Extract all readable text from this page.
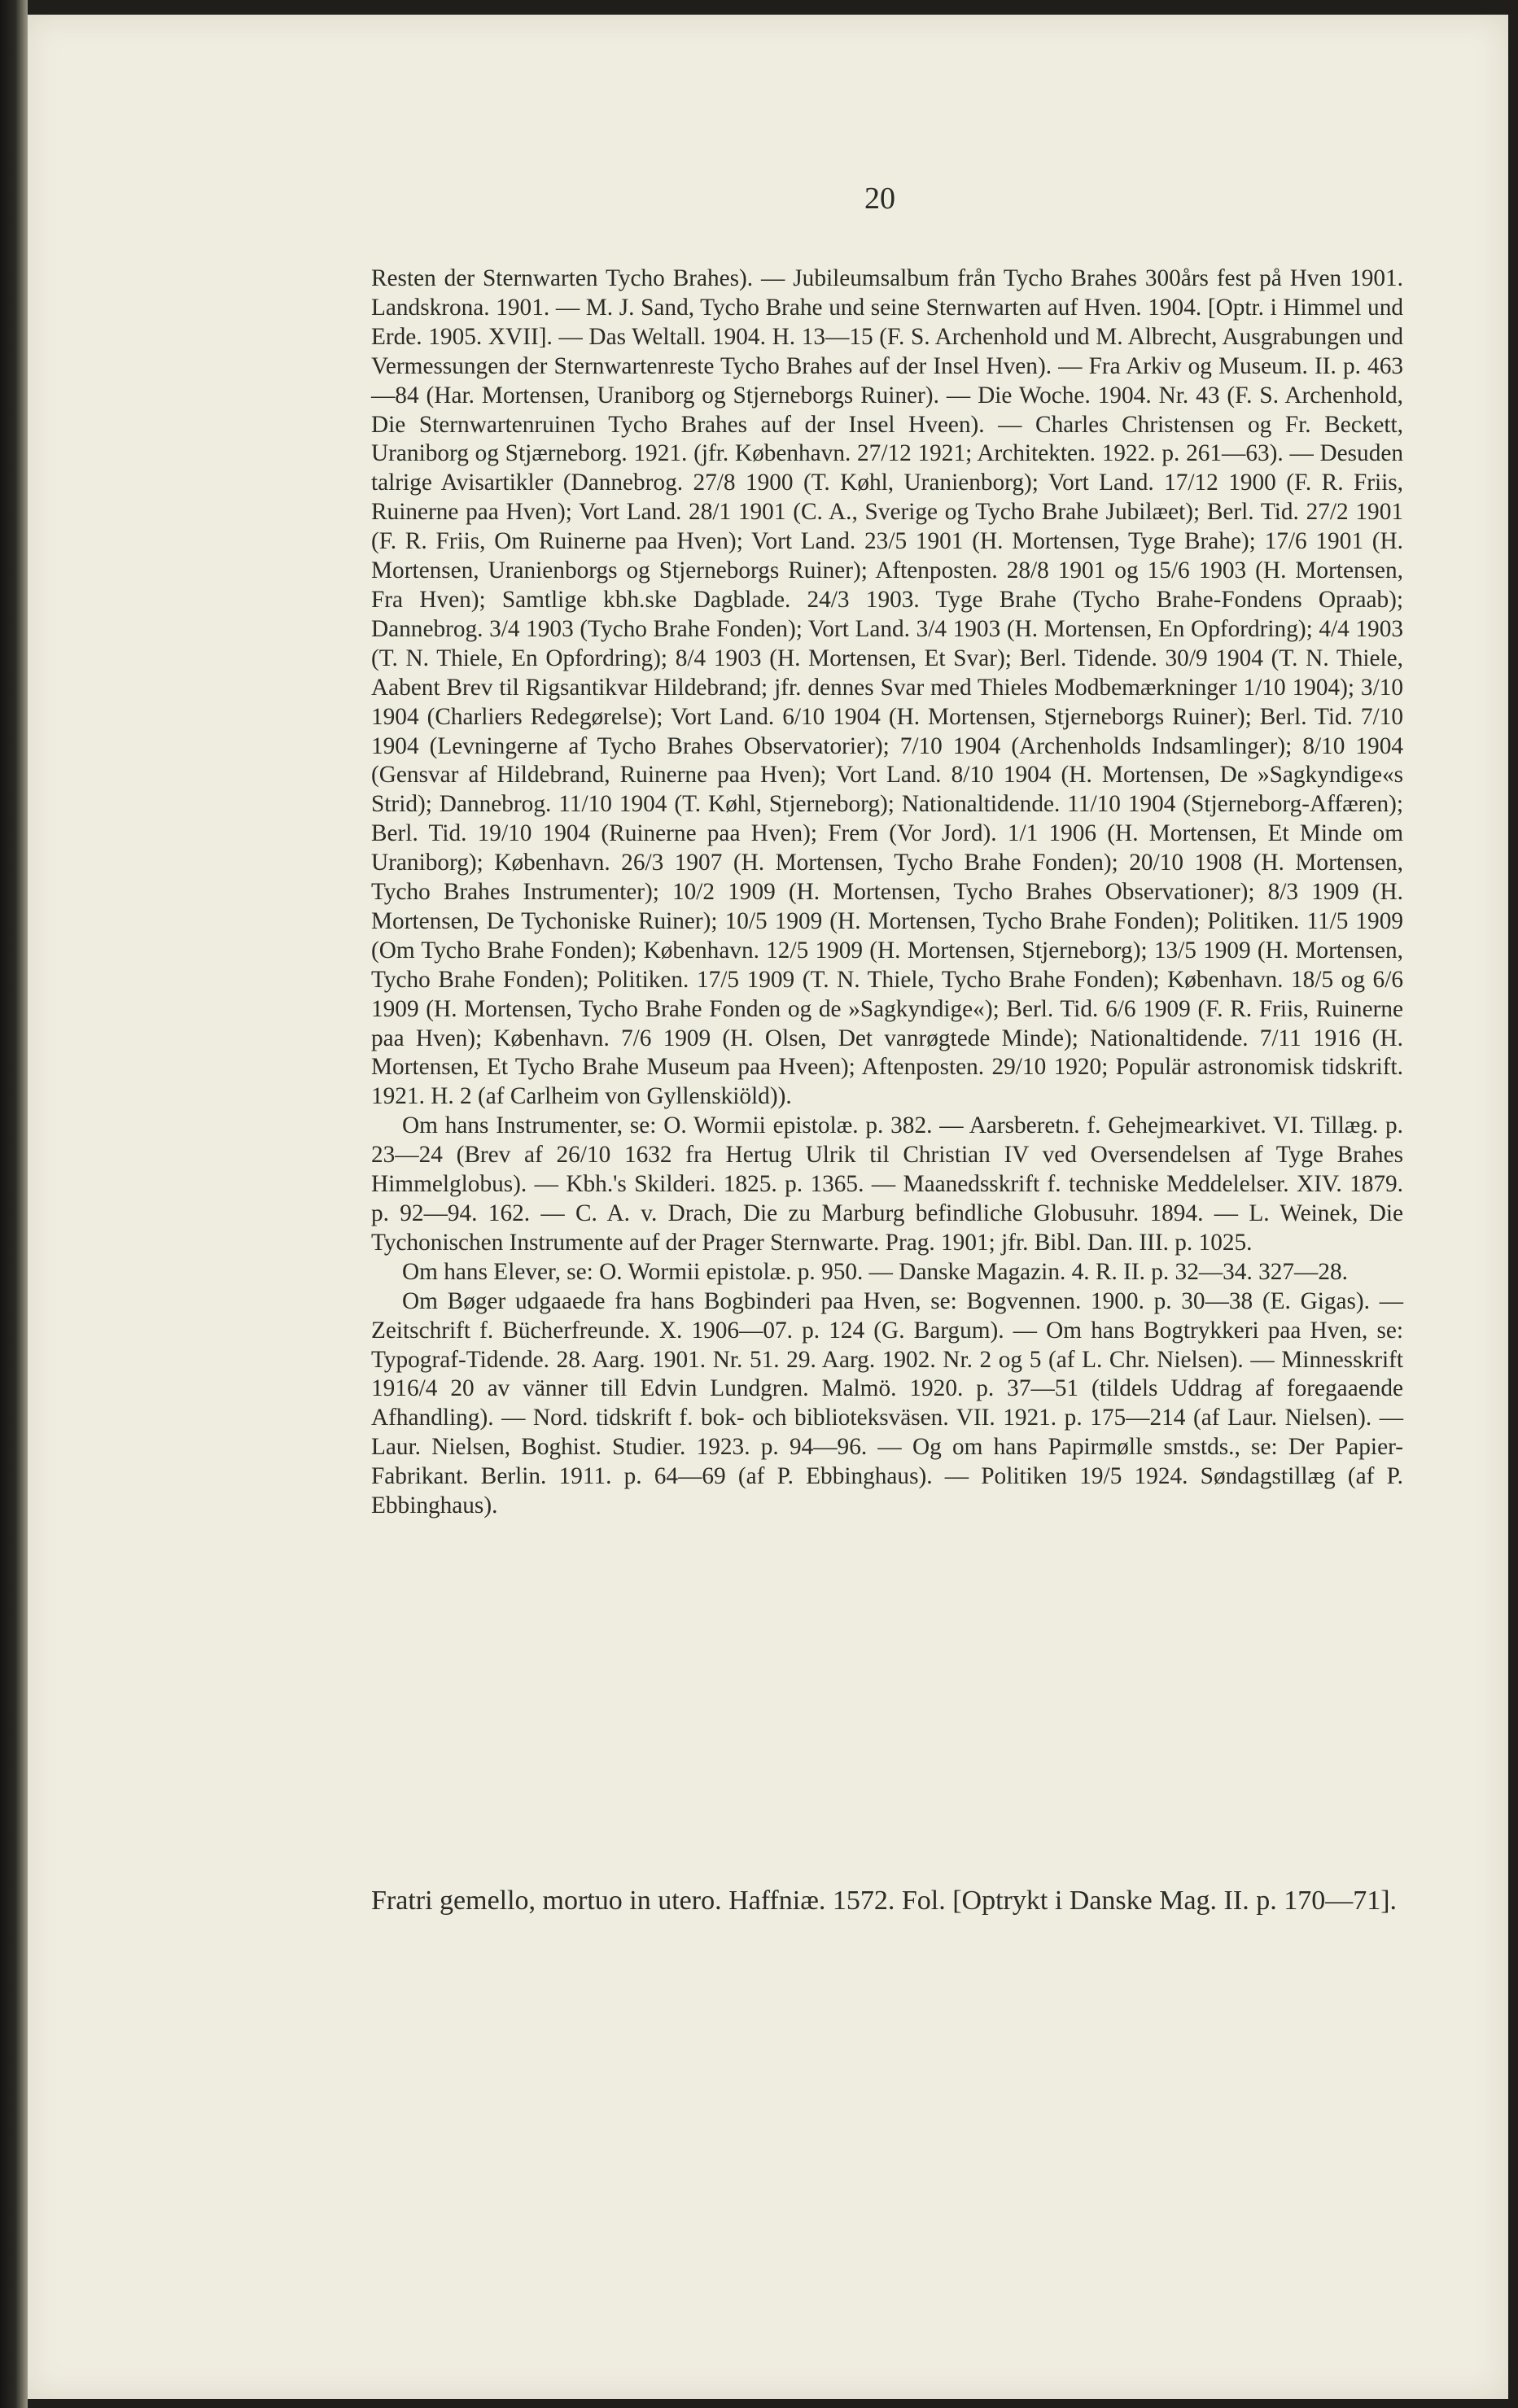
20

Resten der Sternwarten Tycho Brahes). — Jubileumsalbum från Tycho Brahes 300års fest på Hven 1901. Landskrona. 1901. — M. J. Sand, Tycho Brahe und seine Sternwarten auf Hven. 1904. [Optr. i Himmel und Erde. 1905. XVII]. — Das Weltall. 1904. H. 13—15 (F. S. Archenhold und M. Albrecht, Ausgrabungen und Vermessungen der Sternwartenreste Tycho Brahes auf der Insel Hven). — Fra Arkiv og Museum. II. p. 463—84 (Har. Mortensen, Uraniborg og Stjerneborgs Ruiner). — Die Woche. 1904. Nr. 43 (F. S. Archenhold, Die Sternwartenruinen Tycho Brahes auf der Insel Hveen). — Charles Christensen og Fr. Beckett, Uraniborg og Stjærneborg. 1921. (jfr. København. 27/12 1921; Architekten. 1922. p. 261—63). — Desuden talrige Avisartikler (Dannebrog. 27/8 1900 (T. Køhl, Uranienborg); Vort Land. 17/12 1900 (F. R. Friis, Ruinerne paa Hven); Vort Land. 28/1 1901 (C. A., Sverige og Tycho Brahe Jubilæet); Berl. Tid. 27/2 1901 (F. R. Friis, Om Ruinerne paa Hven); Vort Land. 23/5 1901 (H. Mortensen, Tyge Brahe); 17/6 1901 (H. Mortensen, Uranienborgs og Stjerneborgs Ruiner); Aftenposten. 28/8 1901 og 15/6 1903 (H. Mortensen, Fra Hven); Samtlige kbh.ske Dagblade. 24/3 1903. Tyge Brahe (Tycho Brahe-Fondens Opraab); Dannebrog. 3/4 1903 (Tycho Brahe Fonden); Vort Land. 3/4 1903 (H. Mortensen, En Opfordring); 4/4 1903 (T. N. Thiele, En Opfordring); 8/4 1903 (H. Mortensen, Et Svar); Berl. Tidende. 30/9 1904 (T. N. Thiele, Aabent Brev til Rigsantikvar Hildebrand; jfr. dennes Svar med Thieles Modbemærkninger 1/10 1904); 3/10 1904 (Charliers Redegørelse); Vort Land. 6/10 1904 (H. Mortensen, Stjerneborgs Ruiner); Berl. Tid. 7/10 1904 (Levningerne af Tycho Brahes Observatorier); 7/10 1904 (Archenholds Indsamlinger); 8/10 1904 (Gensvar af Hildebrand, Ruinerne paa Hven); Vort Land. 8/10 1904 (H. Mortensen, De »Sagkyndige«s Strid); Dannebrog. 11/10 1904 (T. Køhl, Stjerneborg); Nationaltidende. 11/10 1904 (Stjerneborg-Affæren); Berl. Tid. 19/10 1904 (Ruinerne paa Hven); Frem (Vor Jord). 1/1 1906 (H. Mortensen, Et Minde om Uraniborg); København. 26/3 1907 (H. Mortensen, Tycho Brahe Fonden); 20/10 1908 (H. Mortensen, Tycho Brahes Instrumenter); 10/2 1909 (H. Mortensen, Tycho Brahes Observationer); 8/3 1909 (H. Mortensen, De Tychoniske Ruiner); 10/5 1909 (H. Mortensen, Tycho Brahe Fonden); Politiken. 11/5 1909 (Om Tycho Brahe Fonden); København. 12/5 1909 (H. Mortensen, Stjerneborg); 13/5 1909 (H. Mortensen, Tycho Brahe Fonden); Politiken. 17/5 1909 (T. N. Thiele, Tycho Brahe Fonden); København. 18/5 og 6/6 1909 (H. Mortensen, Tycho Brahe Fonden og de »Sagkyndige«); Berl. Tid. 6/6 1909 (F. R. Friis, Ruinerne paa Hven); København. 7/6 1909 (H. Olsen, Det vanrøgtede Minde); Nationaltidende. 7/11 1916 (H. Mortensen, Et Tycho Brahe Museum paa Hveen); Aftenposten. 29/10 1920; Populär astronomisk tidskrift. 1921. H. 2 (af Carlheim von Gyllenskiöld)).

Om hans Instrumenter, se: O. Wormii epistolæ. p. 382. — Aarsberetn. f. Gehejmearkivet. VI. Tillæg. p. 23—24 (Brev af 26/10 1632 fra Hertug Ulrik til Christian IV ved Oversendelsen af Tyge Brahes Himmelglobus). — Kbh.'s Skilderi. 1825. p. 1365. — Maanedsskrift f. techniske Meddelelser. XIV. 1879. p. 92—94. 162. — C. A. v. Drach, Die zu Marburg befindliche Globusuhr. 1894. — L. Weinek, Die Tychonischen Instrumente auf der Prager Sternwarte. Prag. 1901; jfr. Bibl. Dan. III. p. 1025.

Om hans Elever, se: O. Wormii epistolæ. p. 950. — Danske Magazin. 4. R. II. p. 32—34. 327—28.

Om Bøger udgaaede fra hans Bogbinderi paa Hven, se: Bogvennen. 1900. p. 30—38 (E. Gigas). — Zeitschrift f. Bücherfreunde. X. 1906—07. p. 124 (G. Bargum). — Om hans Bogtrykkeri paa Hven, se: Typograf-Tidende. 28. Aarg. 1901. Nr. 51. 29. Aarg. 1902. Nr. 2 og 5 (af L. Chr. Nielsen). — Minnesskrift 1916/4 20 av vänner till Edvin Lundgren. Malmö. 1920. p. 37—51 (tildels Uddrag af foregaaende Afhandling). — Nord. tidskrift f. bok- och biblioteksväsen. VII. 1921. p. 175—214 (af Laur. Nielsen). — Laur. Nielsen, Boghist. Studier. 1923. p. 94—96. — Og om hans Papirmølle smstds., se: Der Papier-Fabrikant. Berlin. 1911. p. 64—69 (af P. Ebbinghaus). — Politiken 19/5 1924. Søndagstillæg (af P. Ebbinghaus).

Fratri gemello, mortuo in utero. Haffniæ. 1572. Fol. [Optrykt i Danske Mag. II. p. 170—71].
